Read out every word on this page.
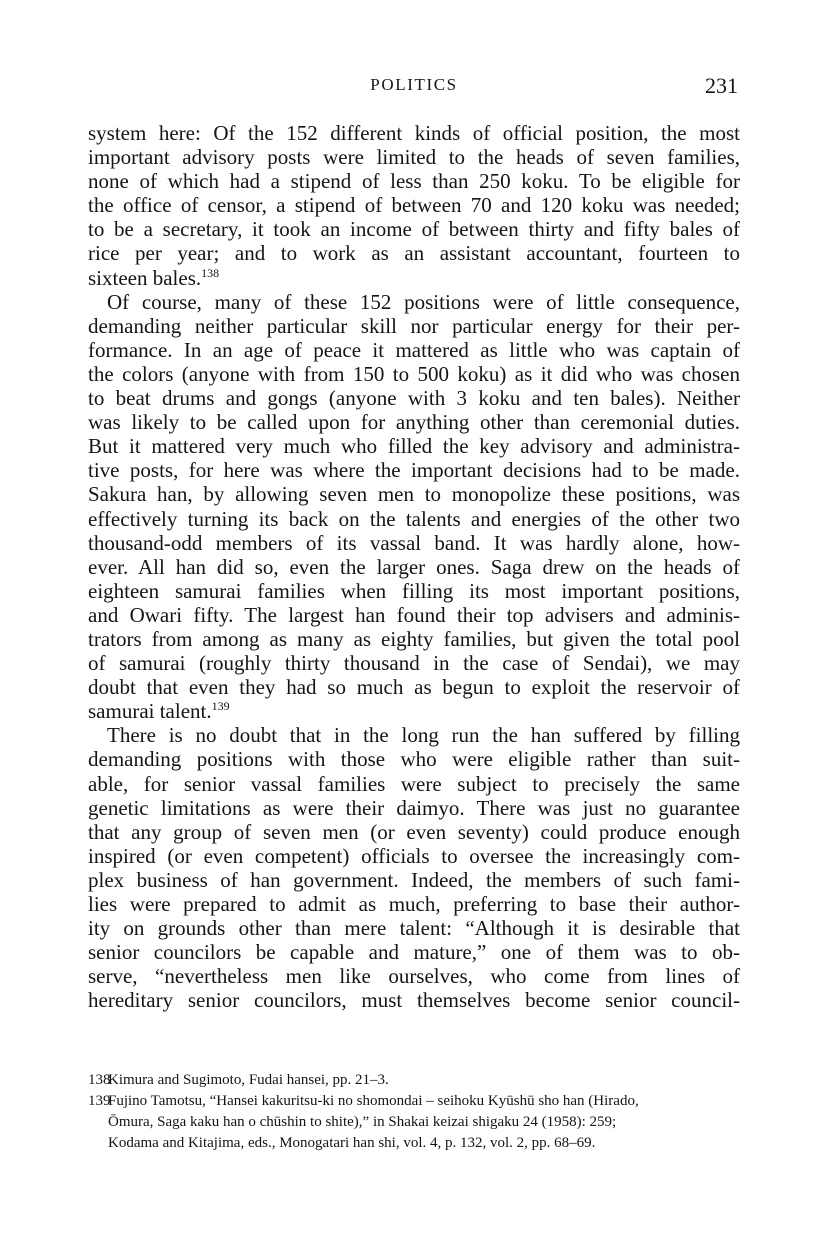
POLITICS	231
system here: Of the 152 different kinds of official position, the most
important advisory posts were limited to the heads of seven families,
none of which had a stipend of less than 250 koku. To be eligible for
the office of censor, a stipend of between 70 and 120 koku was needed;
to be a secretary, it took an income of between thirty and fifty bales of
rice per year; and to work as an assistant accountant, fourteen to
sixteen bales.$^{138}$
Of course, many of these 152 positions were of little consequence,
demanding neither particular skill nor particular energy for their per-
formance. In an age of peace it mattered as little who was captain of
the colors (anyone with from 150 to 500 koku) as it did who was chosen
to beat drums and gongs (anyone with 3 koku and ten bales). Neither
was likely to be called upon for anything other than ceremonial duties.
But it mattered very much who filled the key advisory and administra-
tive posts, for here was where the important decisions had to be made.
Sakura han, by allowing seven men to monopolize these positions, was
effectively turning its back on the talents and energies of the other two
thousand-odd members of its vassal band. It was hardly alone, how-
ever. All han did so, even the larger ones. Saga drew on the heads of
eighteen samurai families when filling its most important positions,
and Owari fifty. The largest han found their top advisers and adminis-
trators from among as many as eighty families, but given the total pool
of samurai (roughly thirty thousand in the case of Sendai), we may
doubt that even they had so much as begun to exploit the reservoir of
samurai talent.$^{139}$
There is no doubt that in the long run the han suffered by filling
demanding positions with those who were eligible rather than suit-
able, for senior vassal families were subject to precisely the same
genetic limitations as were their daimyo. There was just no guarantee
that any group of seven men (or even seventy) could produce enough
inspired (or even competent) officials to oversee the increasingly com-
plex business of han government. Indeed, the members of such fami-
lies were prepared to admit as much, preferring to base their author-
ity on grounds other than mere talent: “Although it is desirable that
senior councilors be capable and mature,” one of them was to ob-
serve, “nevertheless men like ourselves, who come from lines of
hereditary senior councilors, must themselves become senior council-
138Kimura and Sugimoto, Fudai hansei, pp. 21–3.
139Fujino Tamotsu, “Hansei kakuritsu-ki no shomondai – seihoku Kyūshū sho han (Hirado,
Ōmura, Saga kaku han o chūshin to shite),” in Shakai keizai shigaku 24 (1958): 259;
Kodama and Kitajima, eds., Monogatari han shi, vol. 4, p. 132, vol. 2, pp. 68–69.
